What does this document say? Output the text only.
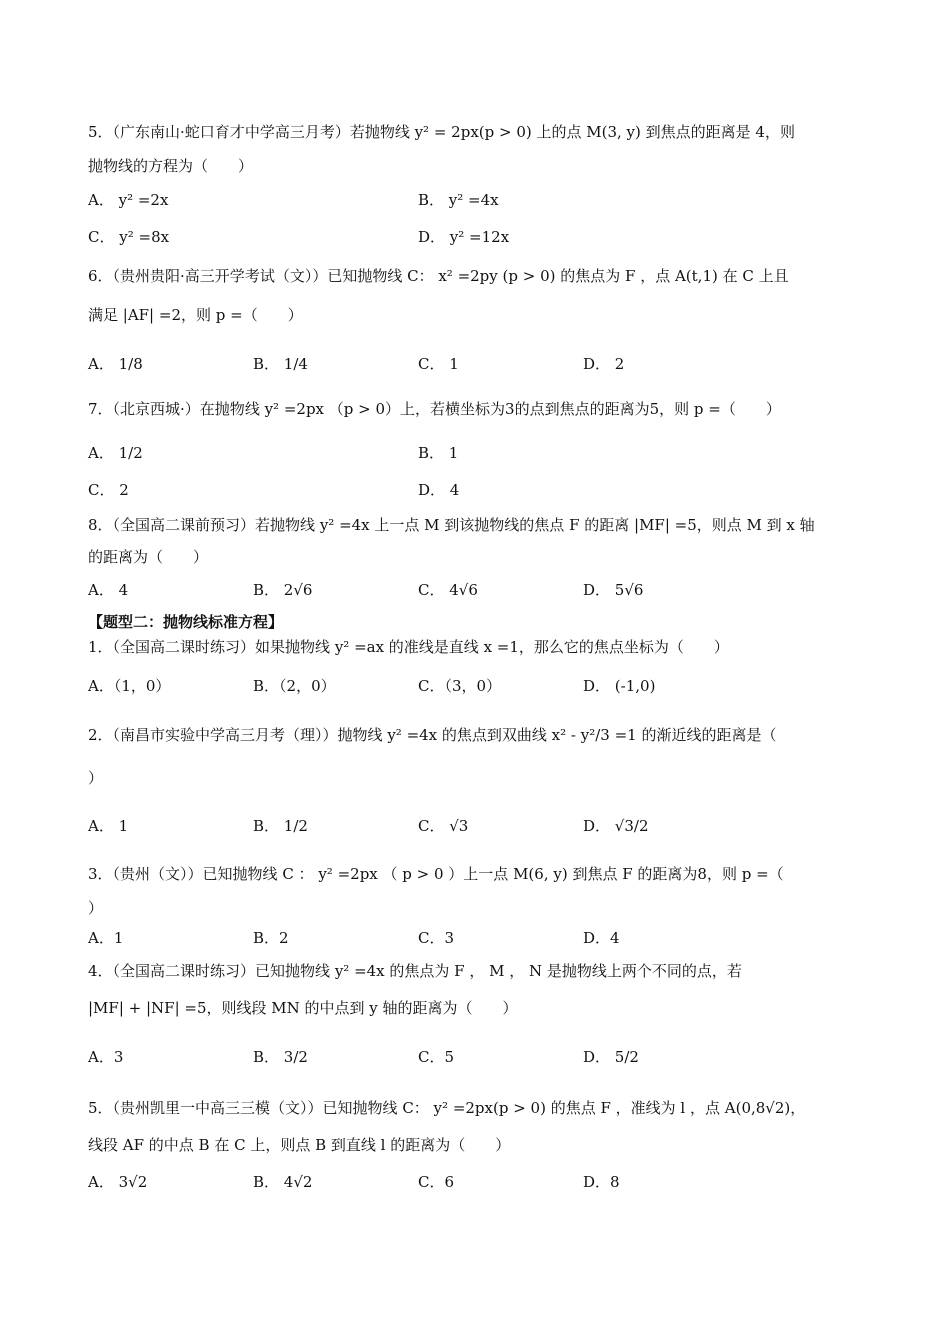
5．（广东南山·蛇口育才中学高三月考）若抛物线 y² = 2px(p > 0) 上的点 M(3, y) 到焦点的距离是 4，则
抛物线的方程为（　　）
A． y² =2x	B． y² =4x
C． y² =8x	D． y² =12x
6．（贵州贵阳·高三开学考试（文））已知抛物线 C： x² =2py (p > 0) 的焦点为 F ，点 A(t,1) 在 C 上且
满足 |AF| =2，则 p =（　　）
A． 1/8	B． 1/4	C． 1	D． 2
7．（北京西城·）在抛物线 y² =2px （p > 0）上，若横坐标为3的点到焦点的距离为5，则 p =（　　）
A． 1/2	B． 1
C． 2	D． 4
8．（全国高二课前预习）若抛物线 y² =4x 上一点 M 到该抛物线的焦点 F 的距离 |MF| =5，则点 M 到 x 轴
的距离为（　　）
A． 4	B． 2√6	C． 4√6	D． 5√6
【题型二：抛物线标准方程】
1．（全国高二课时练习）如果抛物线 y² =ax 的准线是直线 x =1，那么它的焦点坐标为（　　）
A．（1，0）	B．（2，0）	C．（3，0）	D． (-1,0)
2．（南昌市实验中学高三月考（理））抛物线 y² =4x 的焦点到双曲线 x² - y²/3 =1 的渐近线的距离是（
）
A． 1	B． 1/2	C． √3	D． √3/2
3．（贵州（文））已知抛物线 C ： y² =2px （ p > 0 ）上一点 M(6, y) 到焦点 F 的距离为8，则 p =（
）
A．1	B．2	C．3	D．4
4．（全国高二课时练习）已知抛物线 y² =4x 的焦点为 F ， M ， N 是抛物线上两个不同的点，若
|MF| + |NF| =5，则线段 MN 的中点到 y 轴的距离为（　　）
A．3	B． 3/2	C．5	D． 5/2
5．（贵州凯里一中高三三模（文））已知抛物线 C： y² =2px(p > 0) 的焦点 F ，准线为 l ，点 A(0,8√2)，
线段 AF 的中点 B 在 C 上，则点 B 到直线 l 的距离为（　　）
A． 3√2	B． 4√2	C．6	D．8
